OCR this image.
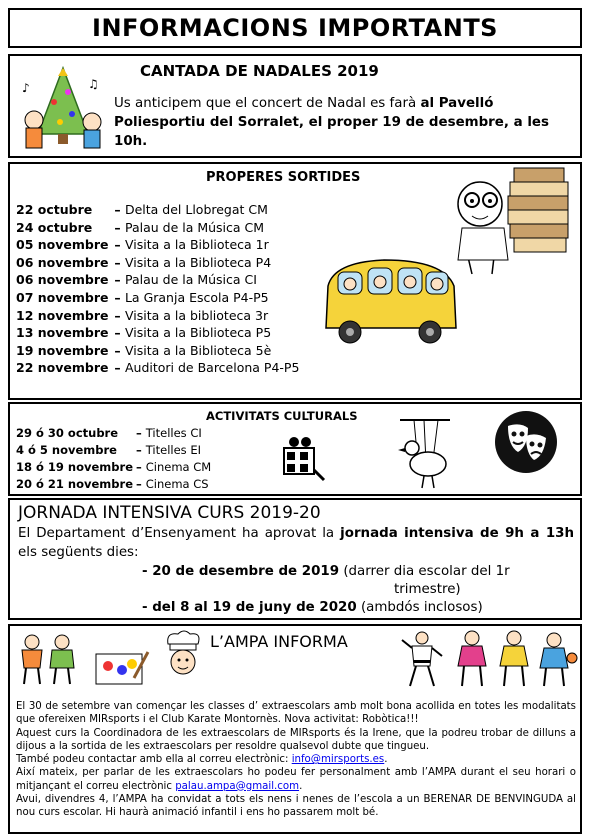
INFORMACIONS IMPORTANTS
CANTADA DE NADALES 2019
♪	♫
Us anticipem que el concert de Nadal es farà al Pavelló Poliesportiu del Sorralet, el proper 19 de desembre, a les 10h.
PROPERES SORTIDES
22 octubre – Delta del Llobregat CM
24 octubre – Palau de la Música CM
05 novembre – Visita a la Biblioteca 1r
06 novembre – Visita a la Biblioteca P4
06 novembre – Palau de la Música CI
07 novembre – La Granja Escola P4-P5
12 novembre – Visita a la biblioteca 3r
13 novembre – Visita a la Biblioteca P5
19 novembre – Visita a la Biblioteca 5è
22 novembre – Auditori de Barcelona P4-P5
ACTIVITATS CULTURALS
29 ó 30 octubre – Titelles CI
4 ó 5 novembre – Titelles EI
18 ó 19 novembre – Cinema CM
20 ó 21 novembre – Cinema CS
JORNADA INTENSIVA CURS 2019-20
El Departament d’Ensenyament ha aprovat la jornada intensiva de 9h a 13h els següents dies:
- 20 de desembre de 2019 (darrer dia escolar del 1r
trimestre)
- del 8 al 19 de juny de 2020 (ambdós inclosos)
L’AMPA INFORMA

El 30 de setembre van començar les classes d’ extraescolars amb molt bona acollida en totes les modalitats que ofereixen MIRsports i el Club Karate Montornès. Nova activitat: Robòtica!!!

Aquest curs la Coordinadora de les extraescolars de MIRsports és la Irene, que la podreu trobar de dilluns a dijous a la sortida de les extraescolars per resoldre qualsevol dubte que tingueu.

També podeu contactar amb ella al correu electrònic: info@mirsports.es.

Així mateix, per parlar de les extraescolars ho podeu fer personalment amb l’AMPA durant el seu horari o mitjançant el correu electrònic palau.ampa@gmail.com.

Avui, divendres 4, l’AMPA ha convidat a tots els nens i nenes de l’escola a un BERENAR DE BENVINGUDA al nou curs escolar. Hi haurà animació infantil i ens ho passarem molt bé.
